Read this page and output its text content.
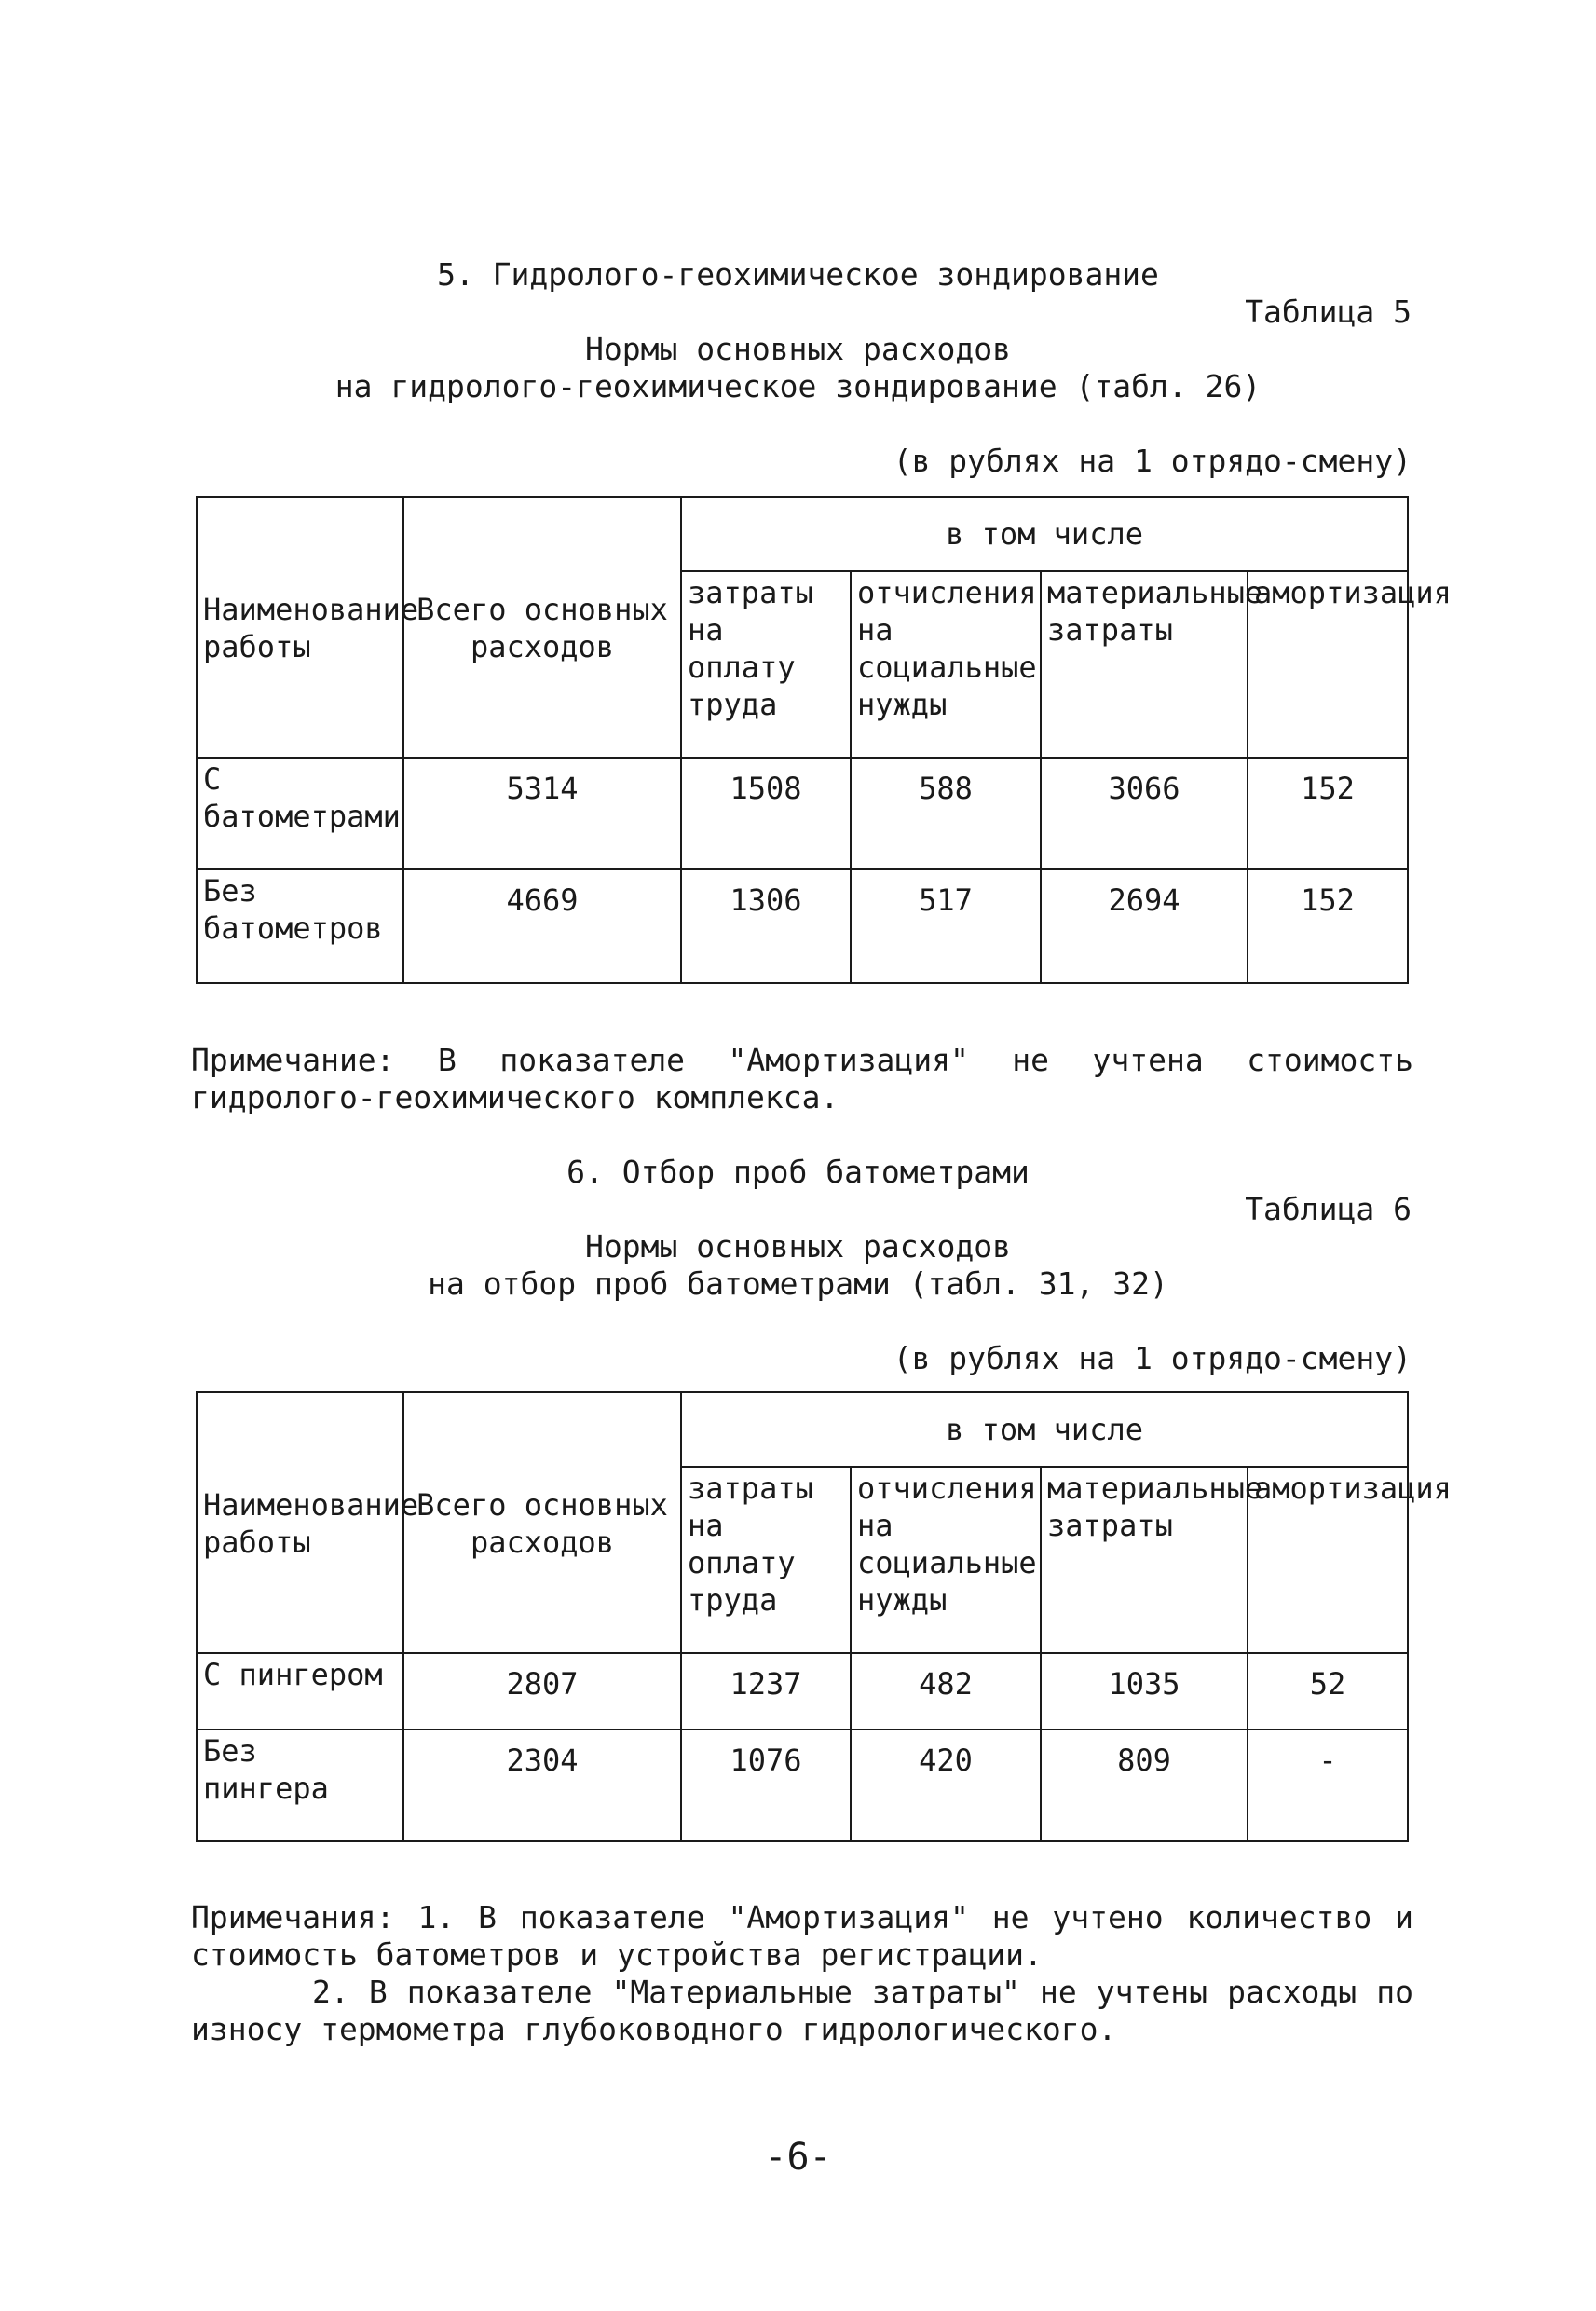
5. Гидролого-геохимическое зондирование
Таблица 5
Нормы основных расходов
на гидролого-геохимическое зондирование (табл. 26)
(в рублях на 1 отрядо-смену)
Наименование работы	Всего основных расходов	в том числе			
		затраты на оплату труда	отчисления на социальные нужды	материальные затраты	амортизация
С батометрами	5314	1508	588	3066	152
Без батометров	4669	1306	517	2694	152
Примечание: В показателе "Амортизация" не учтена стоимость гидролого-геохимического комплекса.
6. Отбор проб батометрами
Таблица 6
Нормы основных расходов
на отбор проб батометрами (табл. 31, 32)
(в рублях на 1 отрядо-смену)
Наименование работы	Всего основных расходов	в том числе			
		затраты на оплату труда	отчисления на социальные нужды	материальные затраты	амортизация
С пингером	2807	1237	482	1035	52
Без пингера	2304	1076	420	809	-
Примечания: 1. В показателе "Амортизация" не учтено количество и стоимость батометров и устройства регистрации.
2. В показателе "Материальные затраты" не учтены расходы по износу термометра глубоководного гидрологического.
-6-
